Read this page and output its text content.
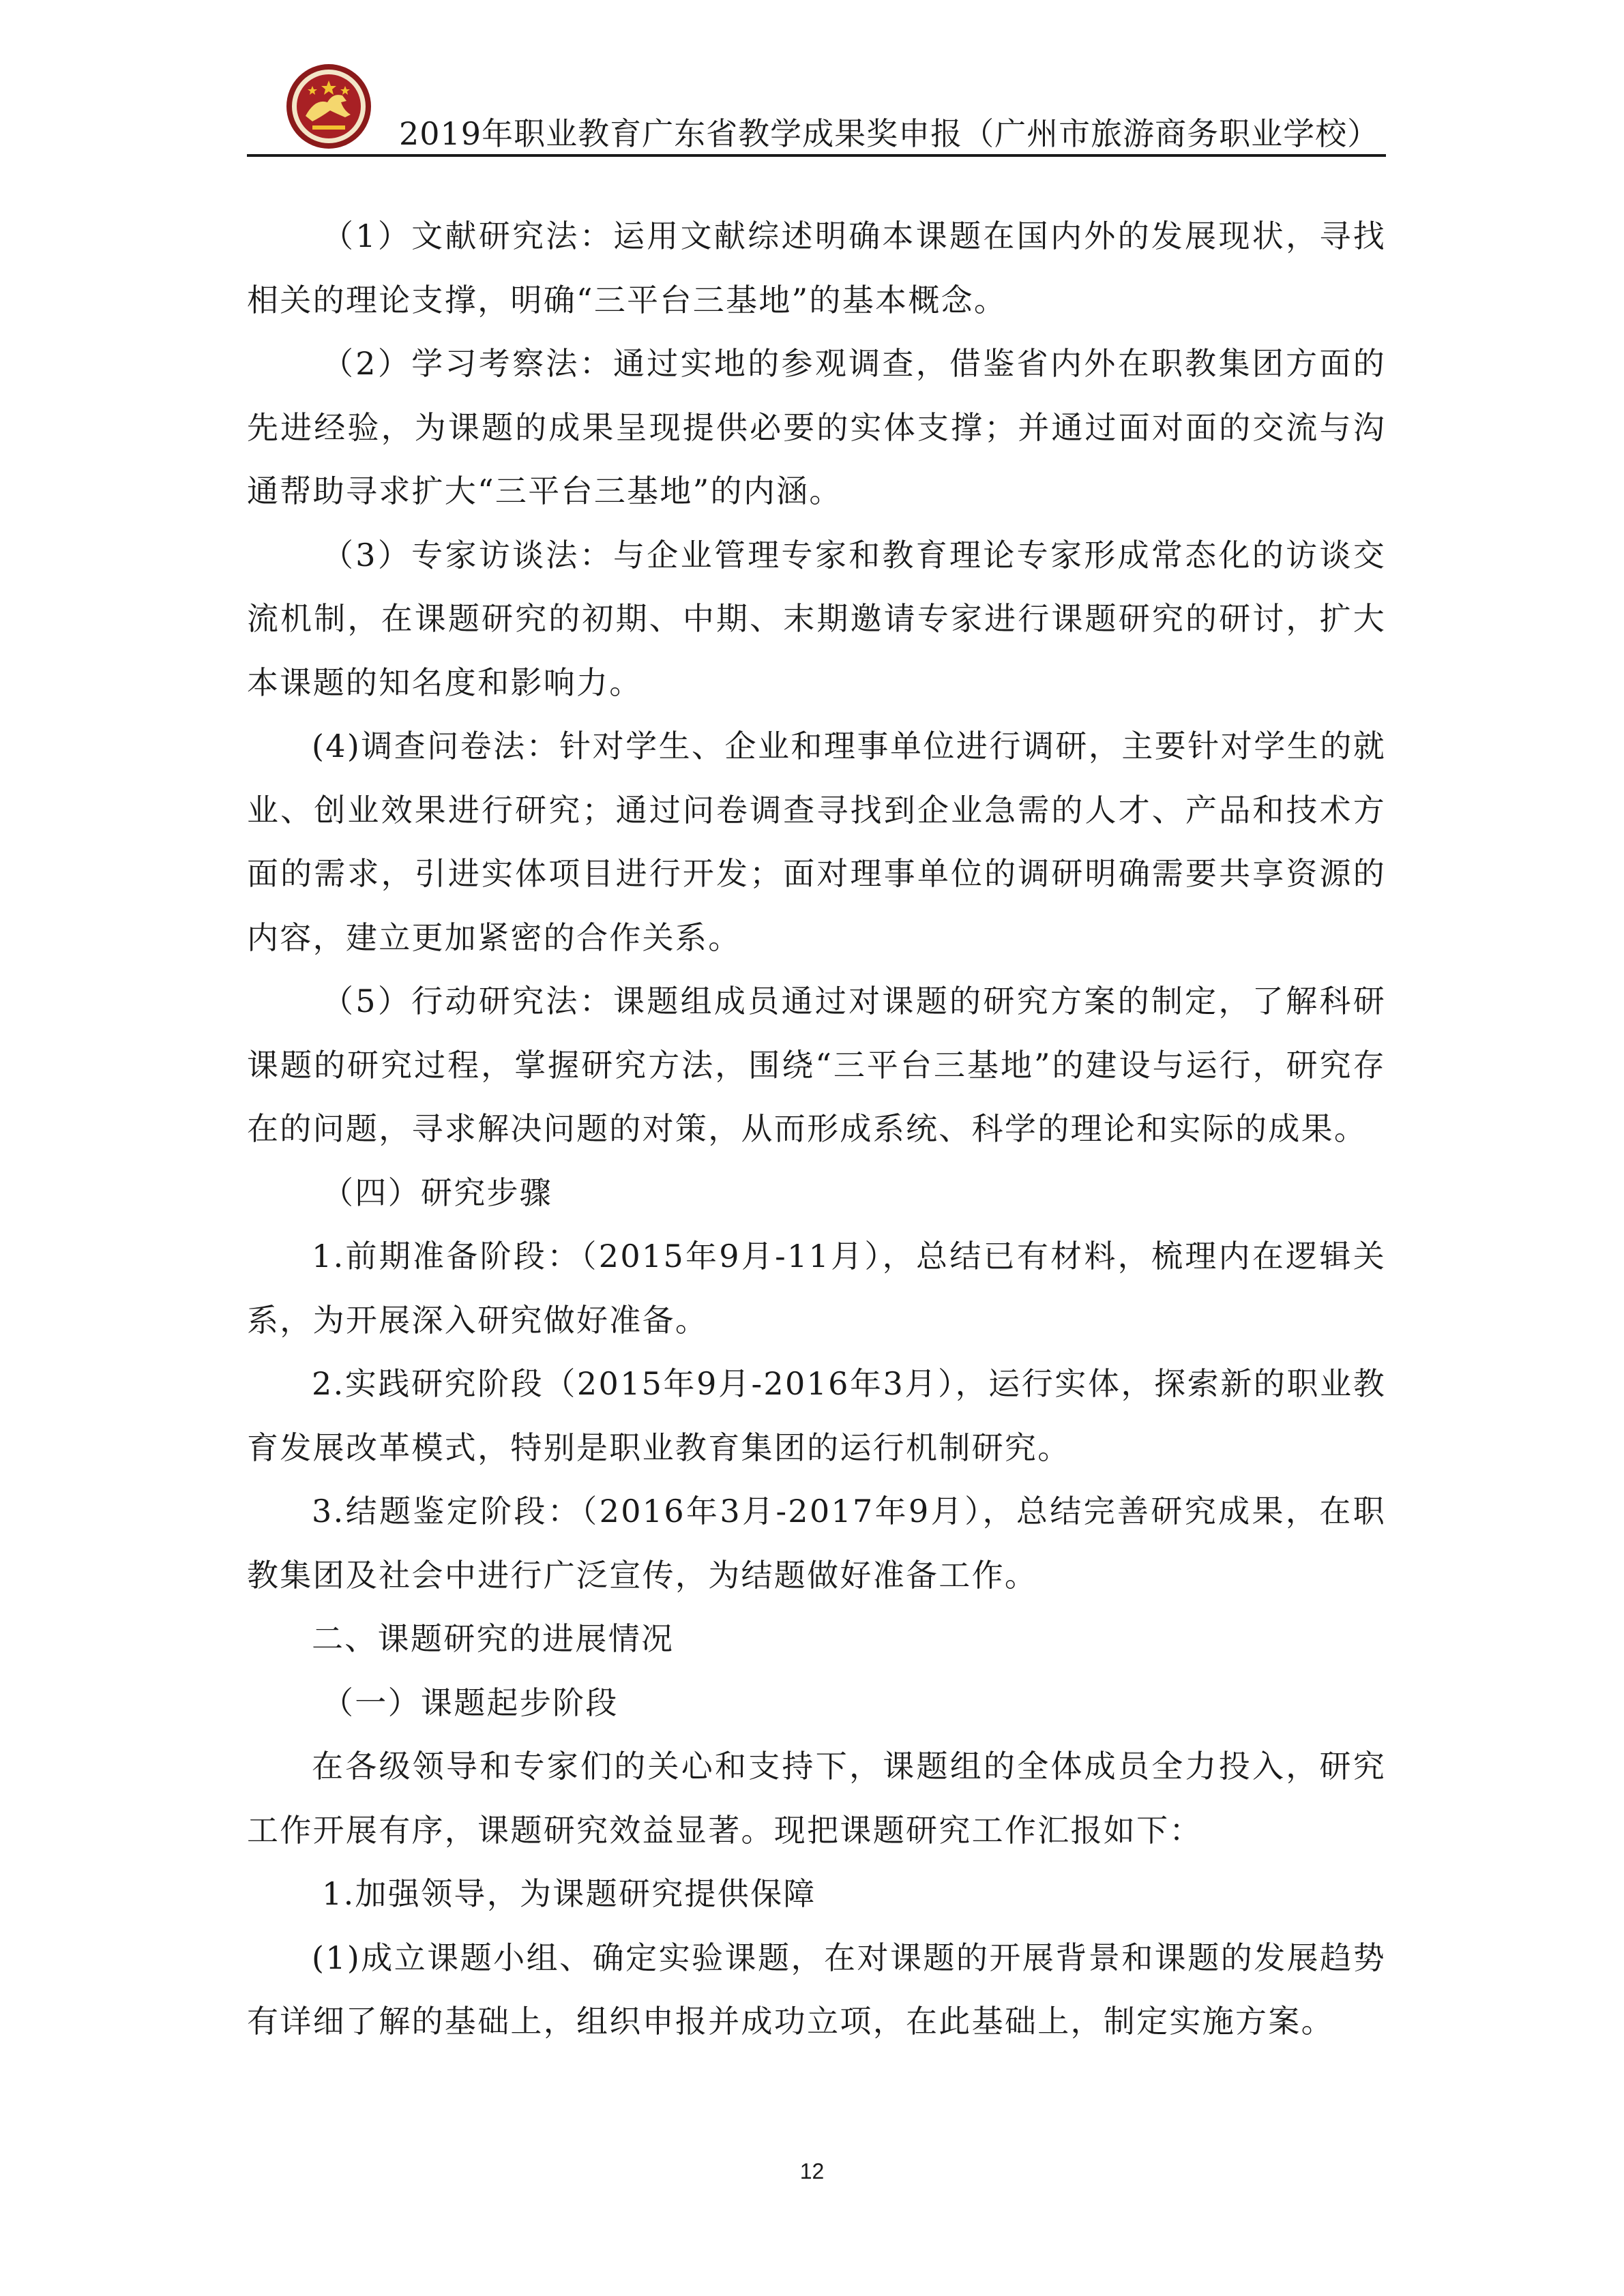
2019年职业教育广东省教学成果奖申报（广州市旅游商务职业学校）

（1）文献研究法：运用文献综述明确本课题在国内外的发展现状，寻找相关的理论支撑，明确“三平台三基地”的基本概念。

（2）学习考察法：通过实地的参观调查，借鉴省内外在职教集团方面的先进经验，为课题的成果呈现提供必要的实体支撑；并通过面对面的交流与沟通帮助寻求扩大“三平台三基地”的内涵。

（3）专家访谈法：与企业管理专家和教育理论专家形成常态化的访谈交流机制，在课题研究的初期、中期、末期邀请专家进行课题研究的研讨，扩大本课题的知名度和影响力。

(4)调查问卷法：针对学生、企业和理事单位进行调研，主要针对学生的就业、创业效果进行研究；通过问卷调查寻找到企业急需的人才、产品和技术方面的需求，引进实体项目进行开发；面对理事单位的调研明确需要共享资源的内容，建立更加紧密的合作关系。

（5）行动研究法：课题组成员通过对课题的研究方案的制定，了解科研课题的研究过程，掌握研究方法，围绕“三平台三基地”的建设与运行，研究存在的问题，寻求解决问题的对策，从而形成系统、科学的理论和实际的成果。

（四）研究步骤

1.前期准备阶段：（2015年9月-11月），总结已有材料，梳理内在逻辑关系，为开展深入研究做好准备。

2.实践研究阶段（2015年9月-2016年3月），运行实体，探索新的职业教育发展改革模式，特别是职业教育集团的运行机制研究。

3.结题鉴定阶段：（2016年3月-2017年9月），总结完善研究成果，在职教集团及社会中进行广泛宣传，为结题做好准备工作。

二、课题研究的进展情况

（一）课题起步阶段

在各级领导和专家们的关心和支持下，课题组的全体成员全力投入，研究工作开展有序，课题研究效益显著。现把课题研究工作汇报如下：

1.加强领导，为课题研究提供保障

(1)成立课题小组、确定实验课题，在对课题的开展背景和课题的发展趋势有详细了解的基础上，组织申报并成功立项，在此基础上，制定实施方案。

12
